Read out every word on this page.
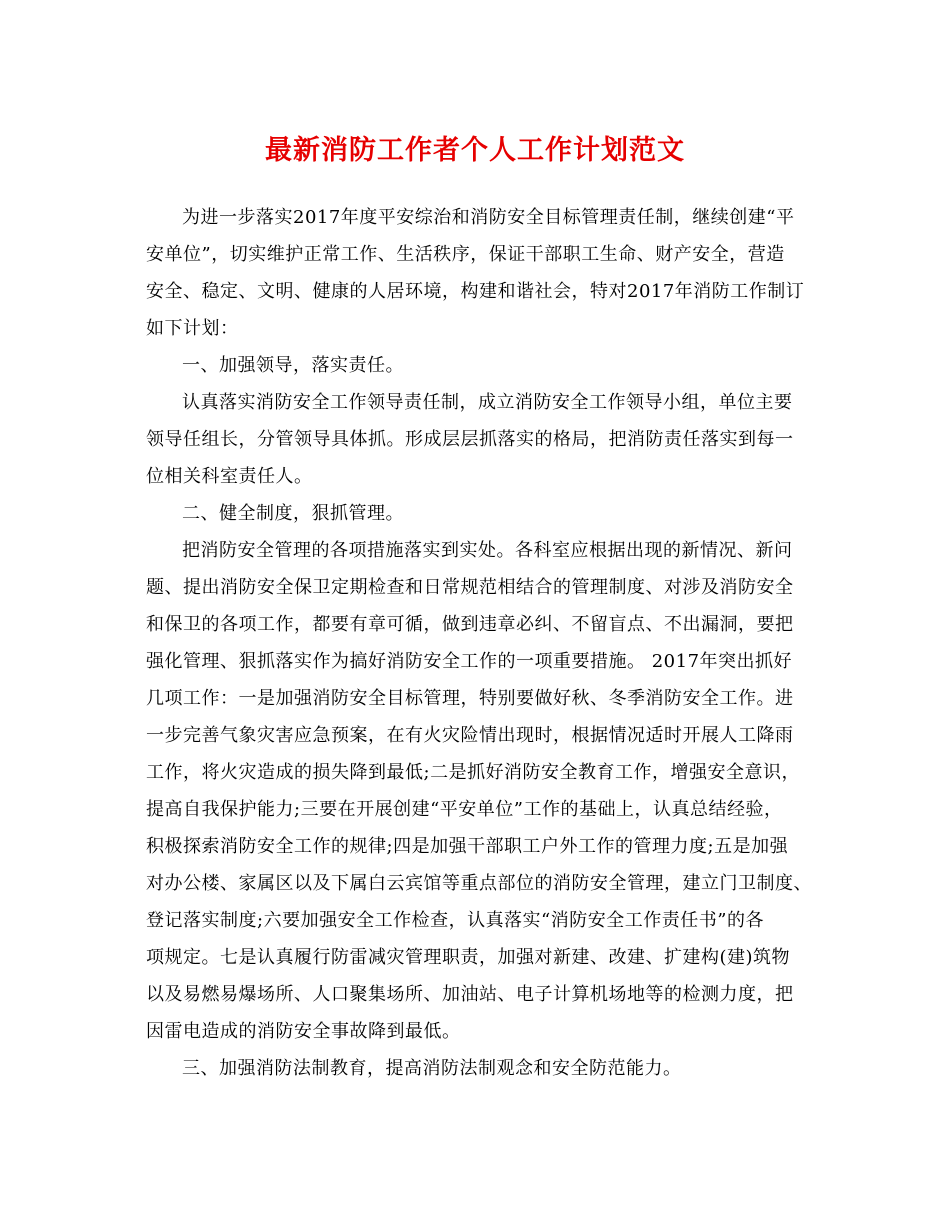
最新消防工作者个人工作计划范文
为进一步落实2017年度平安综治和消防安全目标管理责任制，继续创建“平
安单位”，切实维护正常工作、生活秩序，保证干部职工生命、财产安全，营造
安全、稳定、文明、健康的人居环境，构建和谐社会，特对2017年消防工作制订
如下计划：
一、加强领导，落实责任。
认真落实消防安全工作领导责任制，成立消防安全工作领导小组，单位主要
领导任组长，分管领导具体抓。形成层层抓落实的格局，把消防责任落实到每一
位相关科室责任人。
二、健全制度，狠抓管理。
把消防安全管理的各项措施落实到实处。各科室应根据出现的新情况、新问
题、提出消防安全保卫定期检查和日常规范相结合的管理制度、对涉及消防安全
和保卫的各项工作，都要有章可循，做到违章必纠、不留盲点、不出漏洞，要把
强化管理、狠抓落实作为搞好消防安全工作的一项重要措施。 2017年突出抓好
几项工作：一是加强消防安全目标管理，特别要做好秋、冬季消防安全工作。进
一步完善气象灾害应急预案，在有火灾险情出现时，根据情况适时开展人工降雨
工作，将火灾造成的损失降到最低;二是抓好消防安全教育工作，增强安全意识，
提高自我保护能力;三要在开展创建“平安单位”工作的基础上，认真总结经验，
积极探索消防安全工作的规律;四是加强干部职工户外工作的管理力度;五是加强
对办公楼、家属区以及下属白云宾馆等重点部位的消防安全管理，建立门卫制度、
登记落实制度;六要加强安全工作检查，认真落实“消防安全工作责任书”的各
项规定。七是认真履行防雷减灾管理职责，加强对新建、改建、扩建构(建)筑物
以及易燃易爆场所、人口聚集场所、加油站、电子计算机场地等的检测力度，把
因雷电造成的消防安全事故降到最低。
三、加强消防法制教育，提高消防法制观念和安全防范能力。
